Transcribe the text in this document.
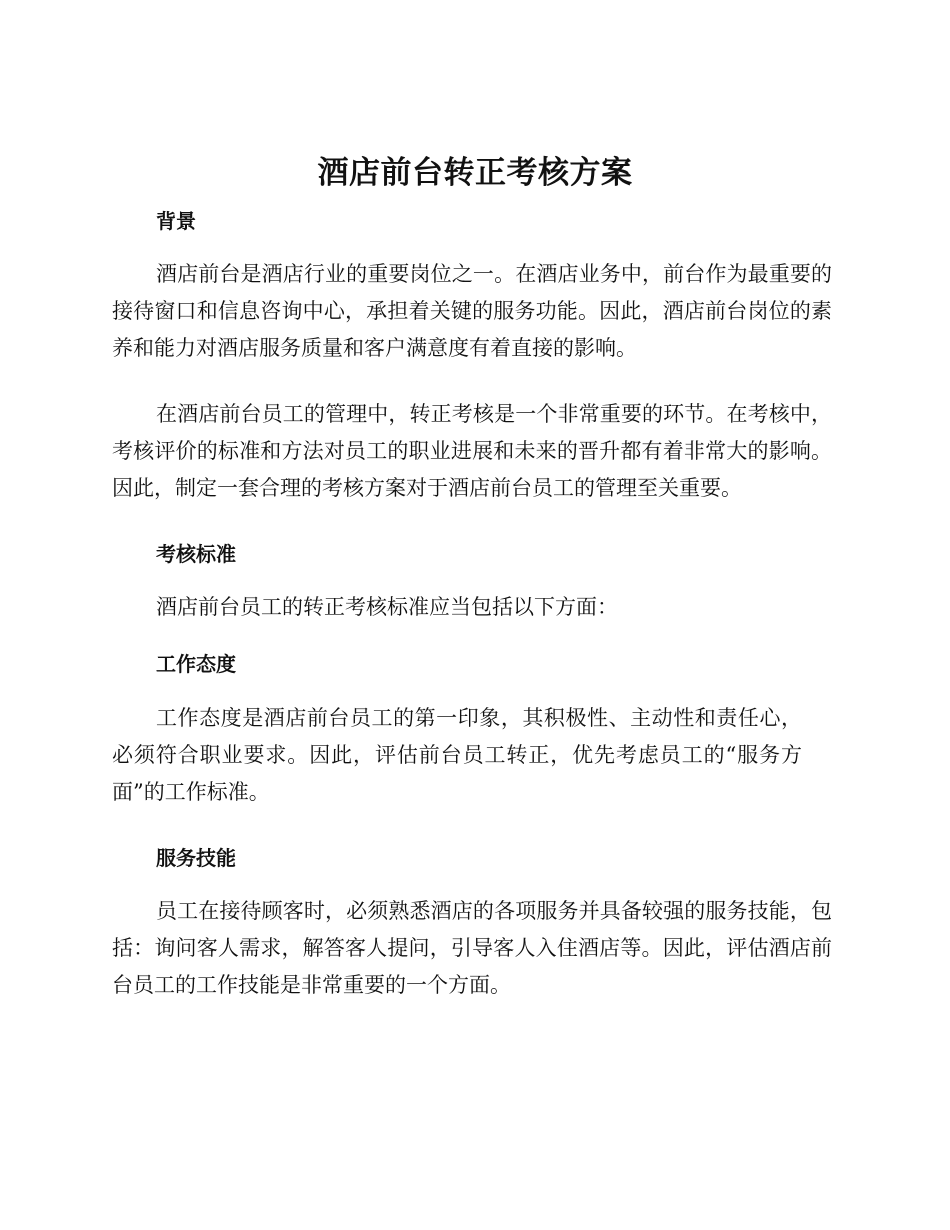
酒店前台转正考核方案
背景

酒店前台是酒店行业的重要岗位之一。在酒店业务中，前台作为最重要的接待窗口和信息咨询中心，承担着关键的服务功能。因此，酒店前台岗位的素养和能力对酒店服务质量和客户满意度有着直接的影响。

在酒店前台员工的管理中，转正考核是一个非常重要的环节。在考核中，考核评价的标准和方法对员工的职业进展和未来的晋升都有着非常大的影响。因此，制定一套合理的考核方案对于酒店前台员工的管理至关重要。

考核标准

酒店前台员工的转正考核标准应当包括以下方面：

工作态度

工作态度是酒店前台员工的第一印象，其积极性、主动性和责任心，必须符合职业要求。因此，评估前台员工转正，优先考虑员工的“服务方面”的工作标准。

服务技能

员工在接待顾客时，必须熟悉酒店的各项服务并具备较强的服务技能，包括：询问客人需求，解答客人提问，引导客人入住酒店等。因此，评估酒店前台员工的工作技能是非常重要的一个方面。
